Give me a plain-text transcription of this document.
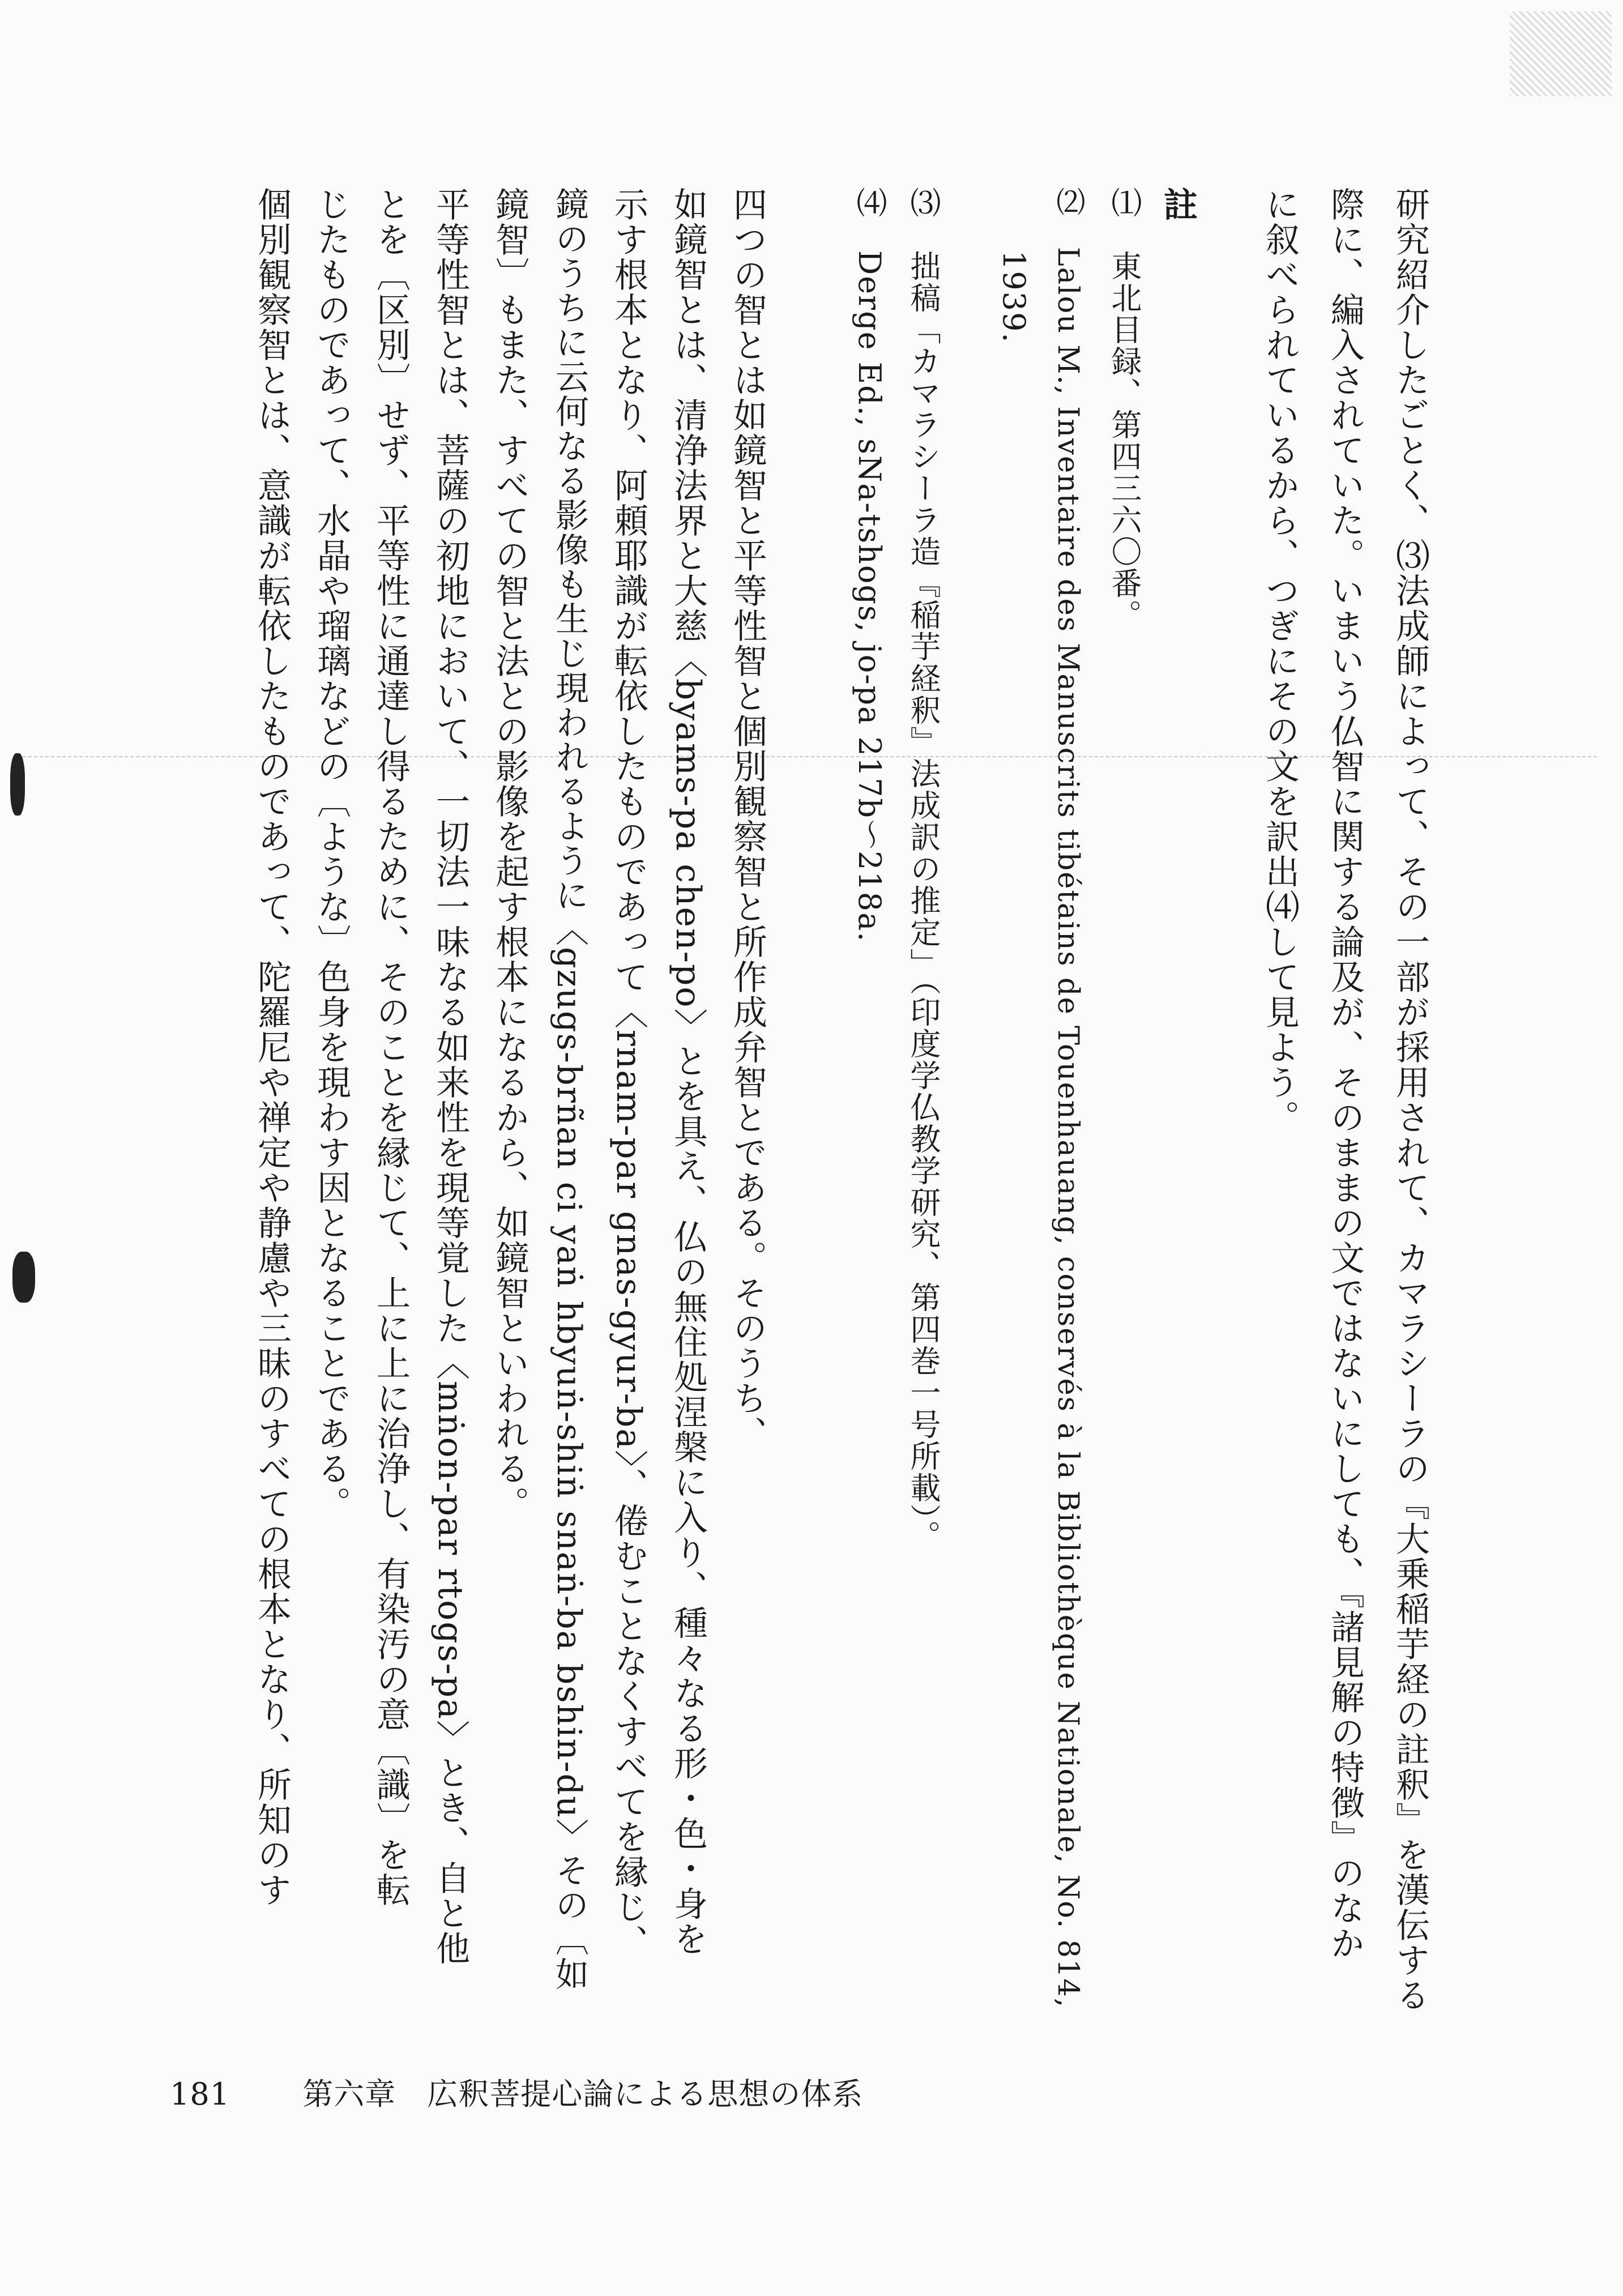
研究紹介したごとく、⑶法成師によって、その一部が採用されて、カマラシーラの『大乗稲芋経の註釈』を漢伝する

際に、編入されていた。いまいう仏智に関する論及が、そのままの文ではないにしても、『諸見解の特徴』のなか

に叙べられているから、つぎにその文を訳出⑷して見よう。

註

⑴　東北目録、第四三六〇番。

⑵　Lalou M., Inventaire des Manuscrits tibétains de Touenhauang, conservés à la Bibliothèque Nationale, No. 814,

　　1939.

⑶　拙稿「カマラシーラ造『稲芋経釈』法成訳の推定」（印度学仏教学研究、第四巻一号所載）。

⑷　Derge Ed., sNa-tshogs, jo-pa 217b〜218a.

四つの智とは如鏡智と平等性智と個別観察智と所作成弁智とである。そのうち、

如鏡智とは、清浄法界と大慈〈byams-pa chen-po〉とを具え、仏の無住処涅槃に入り、種々なる形・色・身を

示す根本となり、阿頼耶識が転依したものであって〈rnam-par gnas-gyur-ba〉、倦むことなくすべてを縁じ、

鏡のうちに云何なる影像も生じ現われるように〈gzugs-brñan ci yaṅ hbyuṅ-shiṅ snaṅ-ba bshin-du〉その〔如

鏡智〕もまた、すべての智と法との影像を起す根本になるから、如鏡智といわれる。

平等性智とは、菩薩の初地において、一切法一味なる如来性を現等覚した〈mṅon-par rtogs-pa〉とき、自と他

とを〔区別〕せず、平等性に通達し得るために、そのことを縁じて、上に上に治浄し、有染汚の意〔識〕を転

じたものであって、水晶や瑠璃などの〔ような〕色身を現わす因となることである。

個別観察智とは、意識が転依したものであって、陀羅尼や禅定や静慮や三昧のすべての根本となり、所知のす

181 第六章　広釈菩提心論による思想の体系
